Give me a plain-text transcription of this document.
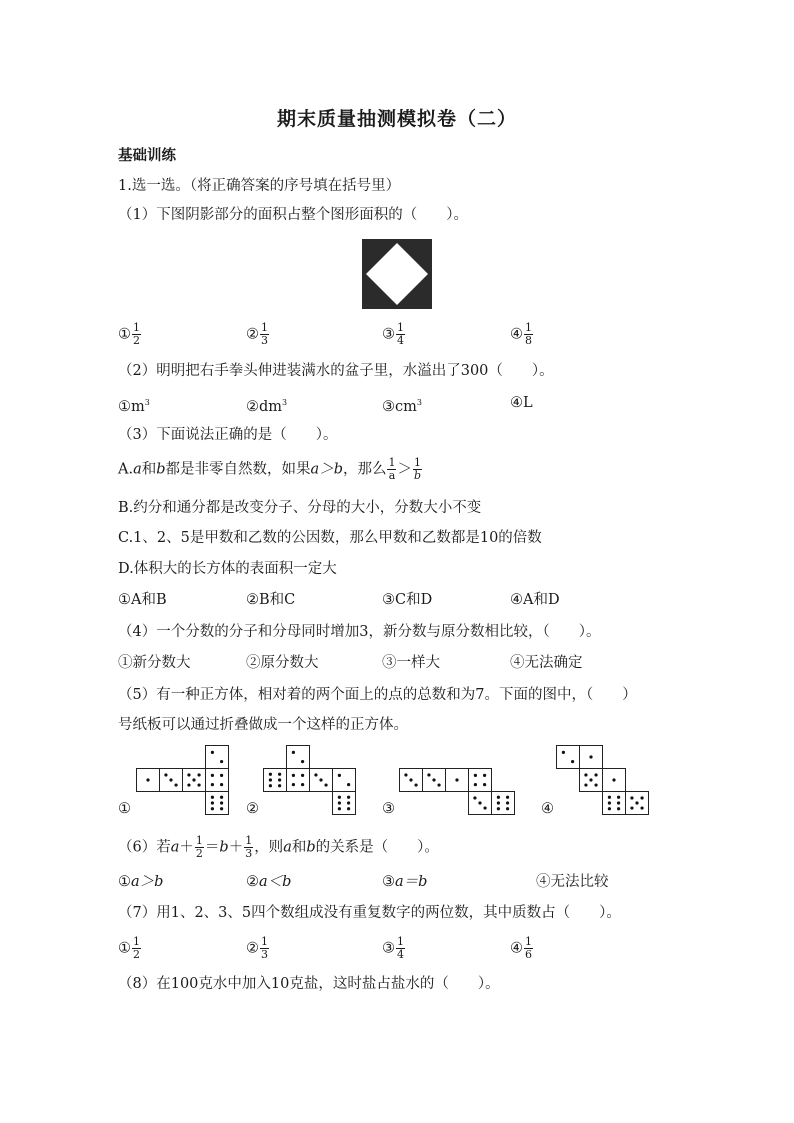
期末质量抽测模拟卷（二）
基础训练
1.选一选。（将正确答案的序号填在括号里）
（1）下图阴影部分的面积占整个图形面积的（　　）。
① $\frac{1}{2}$	② $\frac{1}{3}$	③ $\frac{1}{4}$	④ $\frac{1}{8}$
（2）明明把右手拳头伸进装满水的盆子里，水溢出了300（　　）。
$①m^3$	$②dm^3$	$③cm^3$	④L
（3）下面说法正确的是（　　）。
A.a和b都是非零自然数，如果a＞b，那么 $\frac{1}{a} > \frac{1}{b}$
B.约分和通分都是改变分子、分母的大小，分数大小不变
C.1、2、5是甲数和乙数的公因数，那么甲数和乙数都是10的倍数
D.体积大的长方体的表面积一定大
①A和B	②B和C	③C和D	④A和D
（4）一个分数的分子和分母同时增加3，新分数与原分数相比较，（　　）。
①新分数大	②原分数大	③一样大	④无法确定
（5）有一种正方体，相对着的两个面上的点的总数和为7。下面的图中，（　　）
号纸板可以通过折叠做成一个这样的正方体。
①	②	③	④
（6）若$a+ \frac{1}{2} =b+ \frac{1}{3}$ ，则a和b的关系是（　　）。
①a＞b	②a＜b	③a＝b	④无法比较
（7）用1、2、3、5四个数组成没有重复数字的两位数，其中质数占（　　）。
① $\frac{1}{2}$	② $\frac{1}{3}$	③ $\frac{1}{4}$	④ $\frac{1}{6}$
（8）在100克水中加入10克盐，这时盐占盐水的（　　）。
